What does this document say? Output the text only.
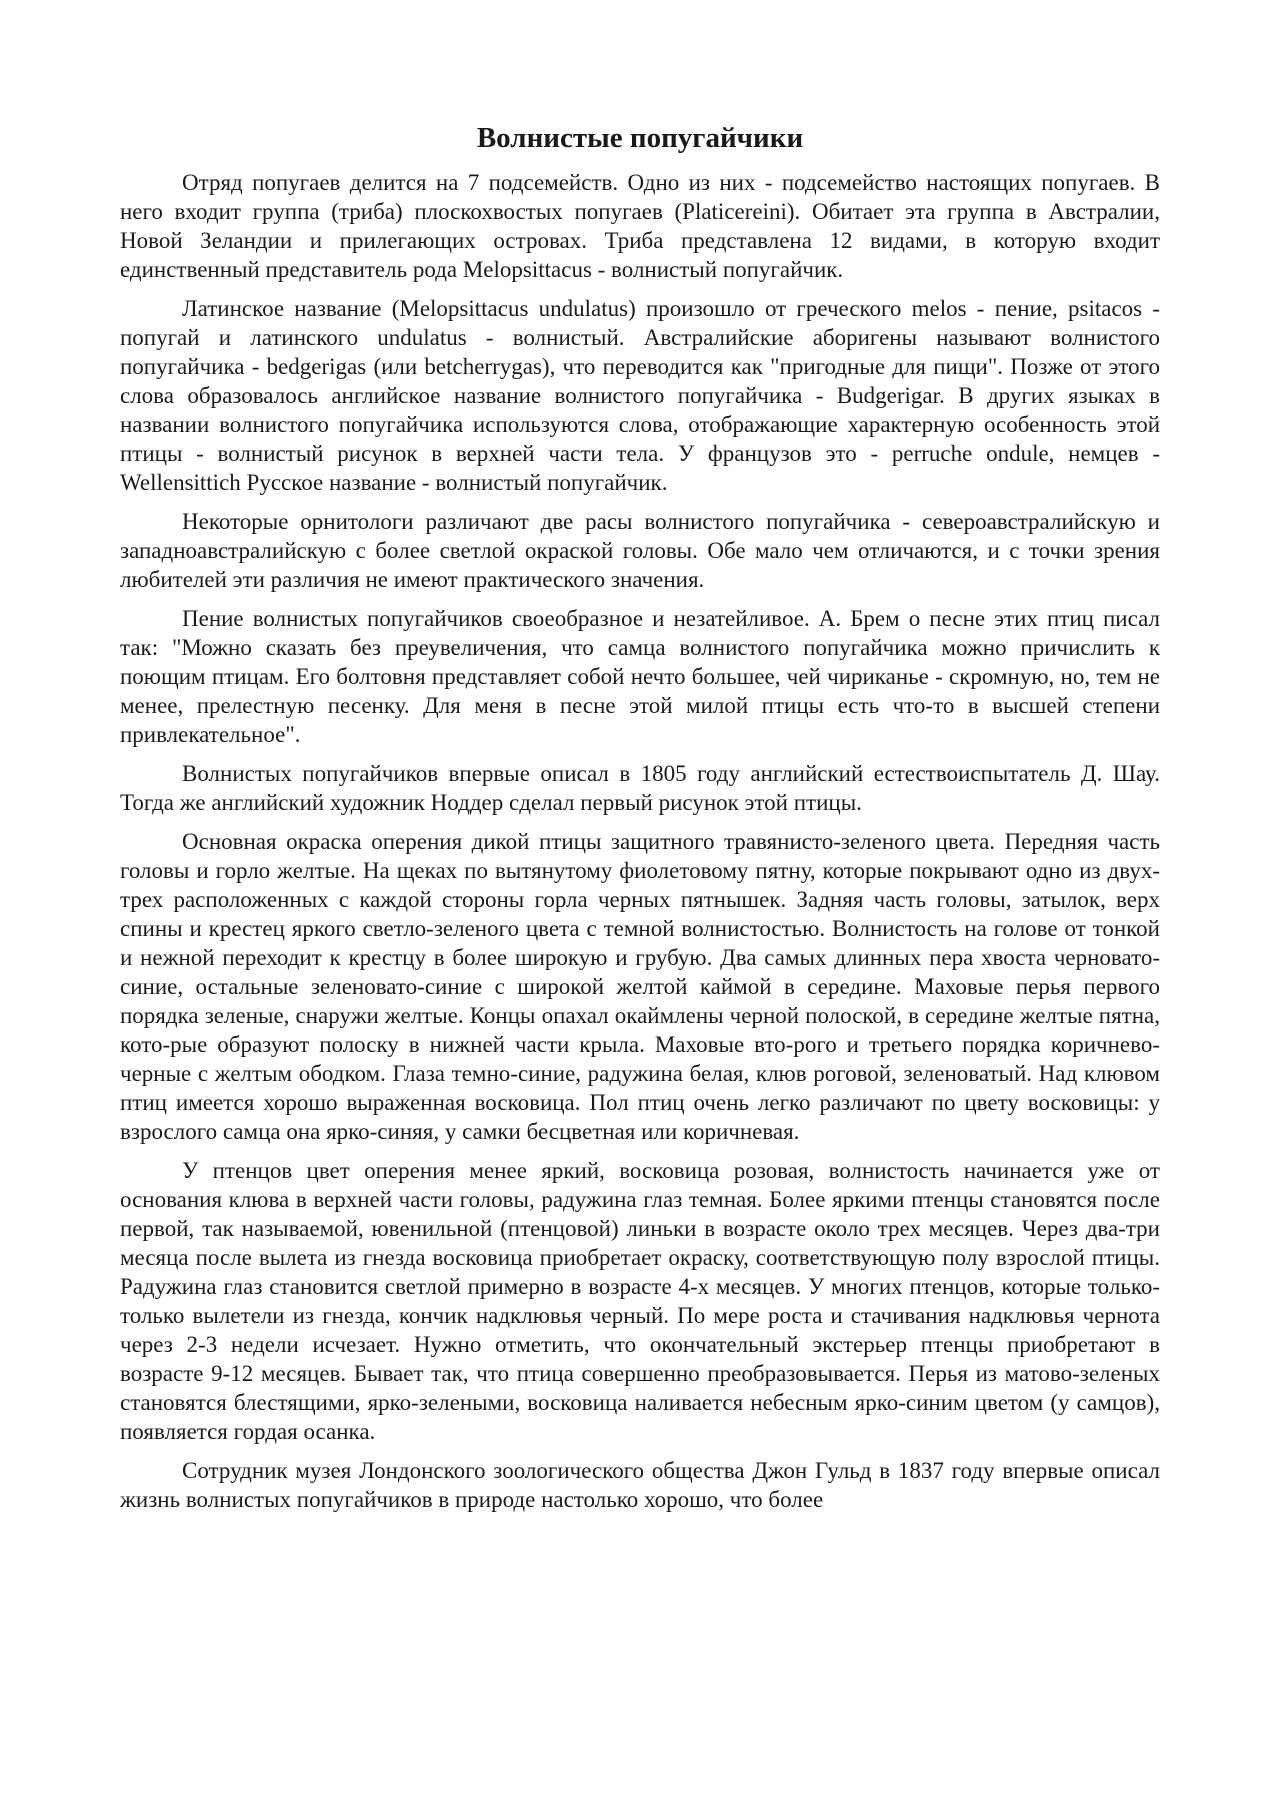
Волнистые попугайчики

Отряд попугаев делится на 7 подсемейств. Одно из них - подсемейство настоящих попугаев. В него входит группа (триба) плоскохвостых попугаев (Platicereini). Обитает эта группа в Австралии, Новой Зеландии и прилегающих островах. Триба представлена 12 видами, в которую входит единственный представитель рода Melopsittacus - волнистый попугайчик.

Латинское название (Melopsittacus undulatus) произошло от греческого melos - пение, psitacos - попугай и латинского undulatus - волнистый. Австралийские аборигены называют волнистого попугайчика - bedgerigas (или betcherrygas), что переводится как "пригодные для пищи". Позже от этого слова образовалось английское название волнистого попугайчика - Budgerigar. В других языках в названии волнистого попугайчика используются слова, отображающие характерную особенность этой птицы - волнистый рисунок в верхней части тела. У французов это - perruche ondule, немцев - Wellensittich Русское название - волнистый попугайчик.

Некоторые орнитологи различают две расы волнистого попугайчика - североавстралийскую и западноавстралийскую с более светлой окраской головы. Обе мало чем отличаются, и с точки зрения любителей эти различия не имеют практического значения.

Пение волнистых попугайчиков своеобразное и незатейливое. А. Брем о песне этих птиц писал так: "Можно сказать без преувеличения, что самца волнистого попугайчика можно причислить к поющим птицам. Его болтовня представляет собой нечто большее, чей чириканье - скромную, но, тем не менее, прелестную песенку. Для меня в песне этой милой птицы есть что-то в высшей степени привлекательное".

Волнистых попугайчиков впервые описал в 1805 году английский естествоиспытатель Д. Шау. Тогда же английский художник Ноддер сделал первый рисунок этой птицы.

Основная окраска оперения дикой птицы защитного травянисто-зеленого цвета. Передняя часть головы и горло желтые. На щеках по вытянутому фиолетовому пятну, которые покрывают одно из двух-трех расположенных с каждой стороны горла черных пятнышек. Задняя часть головы, затылок, верх спины и крестец яркого светло-зеленого цвета с темной волнистостью. Волнистость на голове от тонкой и нежной переходит к крестцу в более широкую и грубую. Два самых длинных пера хвоста черновато-синие, остальные зеленовато-синие с широкой желтой каймой в середине. Маховые перья первого порядка зеленые, снаружи желтые. Концы опахал окаймлены черной полоской, в середине желтые пятна, кото-рые образуют полоску в нижней части крыла. Маховые вто-рого и третьего порядка коричнево-черные с желтым ободком. Глаза темно-синие, радужина белая, клюв роговой, зеленоватый. Над клювом птиц имеется хорошо выраженная восковица. Пол птиц очень легко различают по цвету восковицы: у взрослого самца она ярко-синяя, у самки бесцветная или коричневая.

У птенцов цвет оперения менее яркий, восковица розовая, волнистость начинается уже от основания клюва в верхней части головы, радужина глаз темная. Более яркими птенцы становятся после первой, так называемой, ювенильной (птенцовой) линьки в возрасте около трех месяцев. Через два-три месяца после вылета из гнезда восковица приобретает окраску, соответствующую полу взрослой птицы. Радужина глаз становится светлой примерно в возрасте 4-х месяцев. У многих птенцов, которые только-только вылетели из гнезда, кончик надклювья черный. По мере роста и стачивания надклювья чернота через 2-3 недели исчезает. Нужно отметить, что окончательный экстерьер птенцы приобретают в возрасте 9-12 месяцев. Бывает так, что птица совершенно преобразовывается. Перья из матово-зеленых становятся блестящими, ярко-зелеными, восковица наливается небесным ярко-синим цветом (у самцов), появляется гордая осанка.

Сотрудник музея Лондонского зоологического общества Джон Гульд в 1837 году впервые описал жизнь волнистых попугайчиков в природе настолько хорошо, что более
